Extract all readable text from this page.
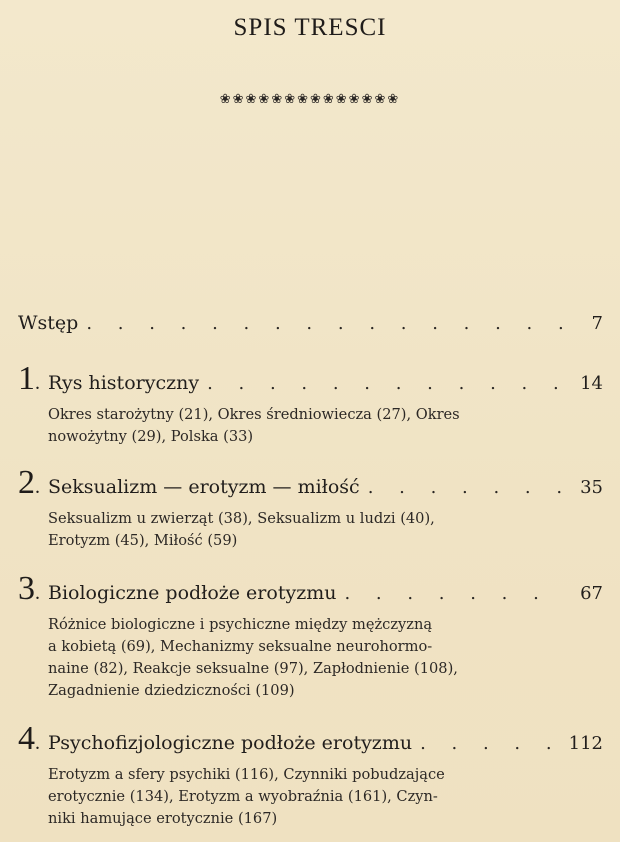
SPIS TRESCI
❀❀❀❀❀❀❀❀❀❀❀❀❀❀
Wstęp . . .	7
1. Rys historyczny . . .	14

Okres starożytny (21), Okres średniowiecza (27), Okres

nowożytny (29), Polska (33)

2. Seksualizm — erotyzm — miłość . . .	35

Seksualizm u zwierząt (38), Seksualizm u ludzi (40),

Erotyzm (45), Miłość (59)

3. Biologiczne podłoże erotyzmu . . .	67

Różnice biologiczne i psychiczne między mężczyzną

a kobietą (69), Mechanizmy seksualne neurohormo-

naine (82), Reakcje seksualne (97), Zapłodnienie (108),

Zagadnienie dziedziczności (109)

4. Psychofizjologiczne podłoże erotyzmu . . .	112

Erotyzm a sfery psychiki (116), Czynniki pobudzające

erotycznie (134), Erotyzm a wyobraźnia (161), Czyn-

niki hamujące erotycznie (167)
